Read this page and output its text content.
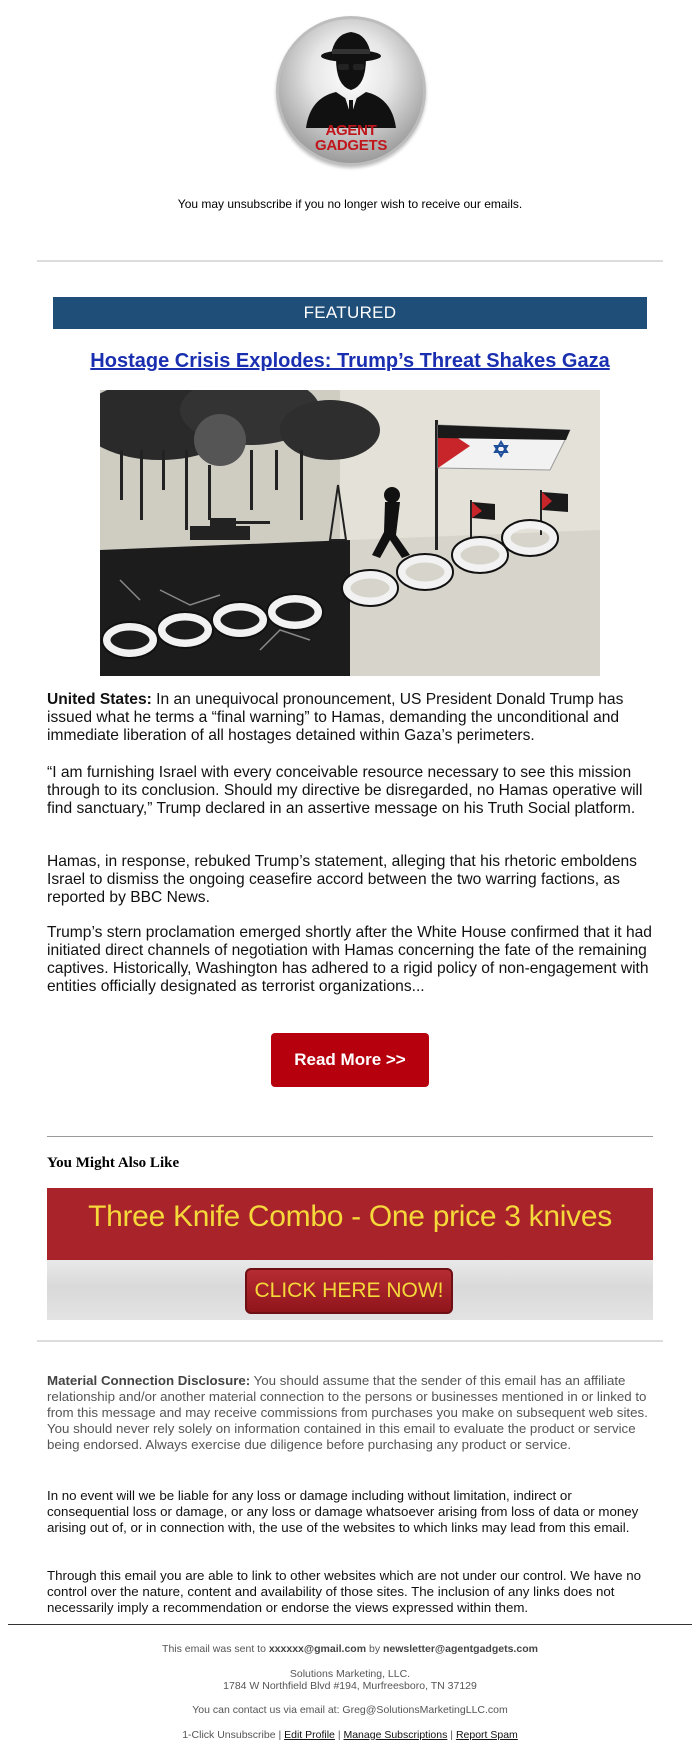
AGENT
GADGETS
You may unsubscribe if you no longer wish to receive our emails.
FEATURED
Hostage Crisis Explodes: Trump’s Threat Shakes Gaza
United States: In an unequivocal pronouncement, US President Donald Trump has issued what he terms a “final warning” to Hamas, demanding the unconditional and immediate liberation of all hostages detained within Gaza’s perimeters.
“I am furnishing Israel with every conceivable resource necessary to see this mission through to its conclusion. Should my directive be disregarded, no Hamas operative will find sanctuary,” Trump declared in an assertive message on his Truth Social platform.
Hamas, in response, rebuked Trump’s statement, alleging that his rhetoric emboldens Israel to dismiss the ongoing ceasefire accord between the two warring factions, as reported by BBC News.
Trump’s stern proclamation emerged shortly after the White House confirmed that it had initiated direct channels of negotiation with Hamas concerning the fate of the remaining captives. Historically, Washington has adhered to a rigid policy of non-engagement with entities officially designated as terrorist organizations...
Read More >>
You Might Also Like
Three Knife Combo - One price 3 knives
CLICK HERE NOW!
Material Connection Disclosure: You should assume that the sender of this email has an affiliate relationship and/or another material connection to the persons or businesses mentioned in or linked to from this message and may receive commissions from purchases you make on subsequent web sites. You should never rely solely on information contained in this email to evaluate the product or service being endorsed. Always exercise due diligence before purchasing any product or service.
In no event will we be liable for any loss or damage including without limitation, indirect or consequential loss or damage, or any loss or damage whatsoever arising from loss of data or money arising out of, or in connection with, the use of the websites to which links may lead from this email.
Through this email you are able to link to other websites which are not under our control. We have no control over the nature, content and availability of those sites. The inclusion of any links does not necessarily imply a recommendation or endorse the views expressed within them.
This email was sent to xxxxxx@gmail.com by newsletter@agentgadgets.com
Solutions Marketing, LLC.
1784 W Northfield Blvd #194, Murfreesboro, TN 37129
You can contact us via email at: Greg@SolutionsMarketingLLC.com
1-Click Unsubscribe | Edit Profile | Manage Subscriptions | Report Spam
